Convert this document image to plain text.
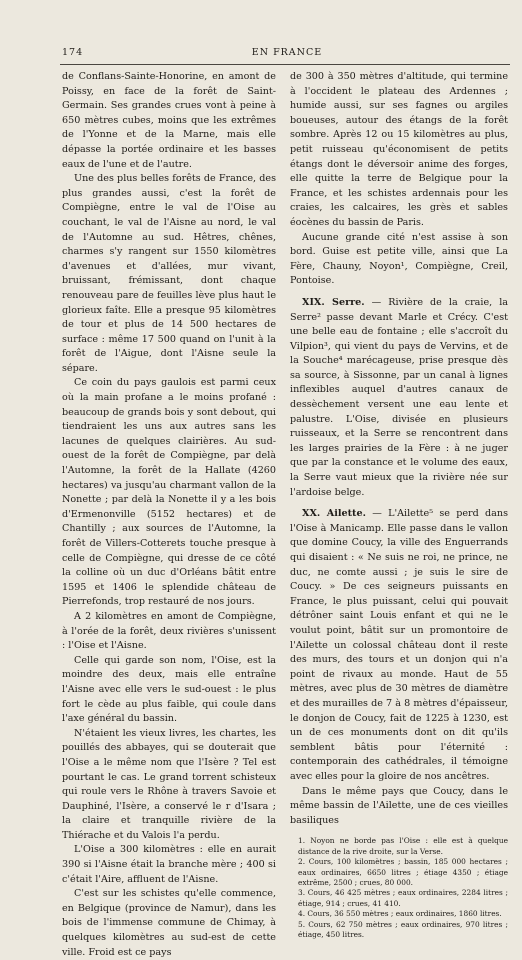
174	EN FRANCE

de Conflans-Sainte-Honorine, en amont de Poissy, en face de la forêt de Saint-Germain. Ses grandes crues vont à peine à 650 mètres cubes, moins que les extrêmes de l'Yonne et de la Marne, mais elle dépasse la portée ordinaire et les basses eaux de l'une et de l'autre.

Une des plus belles forêts de France, des plus grandes aussi, c'est la forêt de Compiègne, entre le val de l'Oise au couchant, le val de l'Aisne au nord, le val de l'Automne au sud. Hêtres, chênes, charmes s'y rangent sur 1550 kilomètres d'avenues et d'allées, mur vivant, bruissant, frémissant, dont chaque renouveau pare de feuilles lève plus haut le glorieux faîte. Elle a presque 95 kilomètres de tour et plus de 14 500 hectares de surface : même 17 500 quand on l'unit à la forêt de l'Aigue, dont l'Aisne seule la sépare.

Ce coin du pays gaulois est parmi ceux où la main profane a le moins profané : beaucoup de grands bois y sont debout, qui tiendraient les uns aux autres sans les lacunes de quelques clairières. Au sud-ouest de la forêt de Compiègne, par delà l'Automne, la forêt de la Hallate (4260 hectares) va jusqu'au charmant vallon de la Nonette ; par delà la Nonette il y a les bois d'Ermenonville (5152 hectares) et de Chantilly ; aux sources de l'Automne, la forêt de Villers-Cotterets touche presque à celle de Compiègne, qui dresse de ce côté la colline où un duc d'Orléans bâtit entre 1595 et 1406 le splendide château de Pierrefonds, trop restauré de nos jours.

A 2 kilomètres en amont de Compiègne, à l'orée de la forêt, deux rivières s'unissent : l'Oise et l'Aisne.

Celle qui garde son nom, l'Oise, est la moindre des deux, mais elle entraîne l'Aisne avec elle vers le sud-ouest : le plus fort le cède au plus faible, qui coule dans l'axe général du bassin.

N'étaient les vieux livres, les chartes, les pouillés des abbayes, qui se douterait que l'Oise a le même nom que l'Isère ? Tel est pourtant le cas. Le grand torrent schisteux qui roule vers le Rhône à travers Savoie et Dauphiné, l'Isère, a conservé le r d'Isara ; la claire et tranquille rivière de la Thiérache et du Valois l'a perdu.

L'Oise a 300 kilomètres : elle en aurait 390 si l'Aisne était la branche mère ; 400 si c'était l'Aire, affluent de l'Aisne.

C'est sur les schistes qu'elle commence, en Belgique (province de Namur), dans les bois de l'immense commune de Chimay, à quelques kilomètres au sud-est de cette ville. Froid est ce pays

de 300 à 350 mètres d'altitude, qui termine à l'occident le plateau des Ardennes ; humide aussi, sur ses fagnes ou argiles boueuses, autour des étangs de la forêt sombre. Après 12 ou 15 kilomètres au plus, petit ruisseau qu'économisent de petits étangs dont le déversoir anime des forges, elle quitte la terre de Belgique pour la France, et les schistes ardennais pour les craies, les calcaires, les grès et sables éocènes du bassin de Paris.

Aucune grande cité n'est assise à son bord. Guise est petite ville, ainsi que La Fère, Chauny, Noyon¹, Compiègne, Creil, Pontoise.

XIX. Serre. — Rivière de la craie, la Serre² passe devant Marle et Crécy. C'est une belle eau de fontaine ; elle s'accroît du Vilpion³, qui vient du pays de Vervins, et de la Souche⁴ marécageuse, prise presque dès sa source, à Sissonne, par un canal à lignes inflexibles auquel d'autres canaux de dessèchement versent une eau lente et palustre. L'Oise, divisée en plusieurs ruisseaux, et la Serre se rencontrent dans les larges prairies de la Fère : à ne juger que par la constance et le volume des eaux, la Serre vaut mieux que la rivière née sur l'ardoise belge.

XX. Ailette. — L'Ailette⁵ se perd dans l'Oise à Manicamp. Elle passe dans le vallon que domine Coucy, la ville des Enguerrands qui disaient : « Ne suis ne roi, ne prince, ne duc, ne comte aussi ; je suis le sire de Coucy. » De ces seigneurs puissants en France, le plus puissant, celui qui pouvait détrôner saint Louis enfant et qui ne le voulut point, bâtit sur un promontoire de l'Ailette un colossal château dont il reste des murs, des tours et un donjon qui n'a point de rivaux au monde. Haut de 55 mètres, avec plus de 30 mètres de diamètre et des murailles de 7 à 8 mètres d'épaisseur, le donjon de Coucy, fait de 1225 à 1230, est un de ces monuments dont on dit qu'ils semblent bâtis pour l'éternité : contemporain des cathédrales, il témoigne avec elles pour la gloire de nos ancêtres.

Dans le même pays que Coucy, dans le même bassin de l'Ailette, une de ces vieilles basiliques

1. Noyon ne borde pas l'Oise : elle est à quelque distance de la rive droite, sur la Verse.
2. Cours, 100 kilomètres ; bassin, 185 000 hectares ; eaux ordinaires, 6650 litres ; étiage 4350 ; étiage extrême, 2500 ; crues, 80 000.
3. Cours, 46 425 mètres ; eaux ordinaires, 2284 litres ; étiage, 914 ; crues, 41 410.
4. Cours, 36 550 mètres ; eaux ordinaires, 1860 litres.
5. Cours, 62 750 mètres ; eaux ordinaires, 970 litres ; étiage, 450 litres.
